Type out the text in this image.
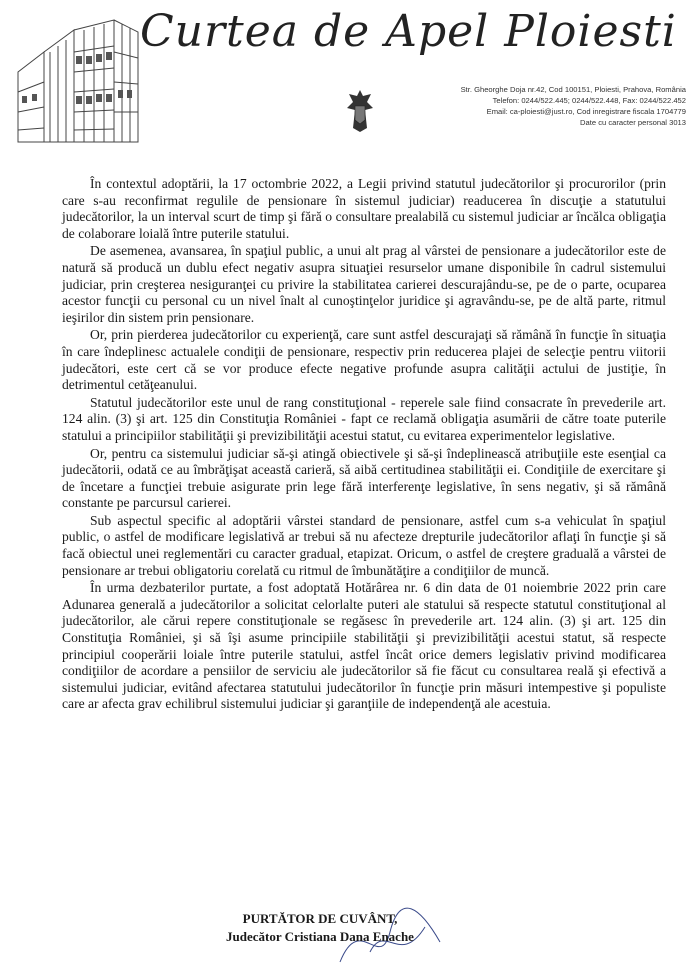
Curtea de Apel Ploiesti
Str. Gheorghe Doja nr.42, Cod 100151, Ploiesti, Prahova, România
Telefon: 0244/522.445; 0244/522.448, Fax: 0244/522.452
Email: ca-ploiesti@just.ro, Cod inregistrare fiscala 1704779
Date cu caracter personal 3013

În contextul adoptării, la 17 octombrie 2022, a Legii privind statutul judecătorilor şi procurorilor (prin care s-au reconfirmat regulile de pensionare în sistemul judiciar) readucerea în discuţie a statutului judecătorilor, la un interval scurt de timp şi fără o consultare prealabilă cu sistemul judiciar ar încălca obligaţia de colaborare loială între puterile statului.

De asemenea, avansarea, în spaţiul public, a unui alt prag al vârstei de pensionare a judecătorilor este de natură să producă un dublu efect negativ asupra situaţiei resurselor umane disponibile în cadrul sistemului judiciar, prin creşterea nesiguranţei cu privire la stabilitatea carierei descurajându-se, pe de o parte, ocuparea acestor funcţii cu personal cu un nivel înalt al cunoştinţelor juridice şi agravându-se, pe de altă parte, ritmul ieşirilor din sistem prin pensionare.

Or, prin pierderea judecătorilor cu experienţă, care sunt astfel descurajaţi să rămână în funcţie în situaţia în care îndeplinesc actualele condiţii de pensionare, respectiv prin reducerea plajei de selecţie pentru viitorii judecători, este cert că se vor produce efecte negative profunde asupra calităţii actului de justiţie, în detrimentul cetăţeanului.

Statutul judecătorilor este unul de rang constituţional - reperele sale fiind consacrate în prevederile art. 124 alin. (3) şi art. 125 din Constituţia României - fapt ce reclamă obligaţia asumării de către toate puterile statului a principiilor stabilităţii şi previzibilităţii acestui statut, cu evitarea experimentelor legislative.

Or, pentru ca sistemului judiciar să-şi atingă obiectivele şi să-şi îndeplinească atribuţiile este esenţial ca judecătorii, odată ce au îmbrăţişat această carieră, să aibă certitudinea stabilităţii ei. Condiţiile de exercitare şi de încetare a funcţiei trebuie asigurate prin lege fără interferenţe legislative, în sens negativ, şi să rămână constante pe parcursul carierei.

Sub aspectul specific al adoptării vârstei standard de pensionare, astfel cum s-a vehiculat în spaţiul public, o astfel de modificare legislativă ar trebui să nu afecteze drepturile judecătorilor aflaţi în funcţie şi să facă obiectul unei reglementări cu caracter gradual, etapizat. Oricum, o astfel de creştere graduală a vârstei de pensionare ar trebui obligatoriu corelată cu ritmul de îmbunătăţire a condiţiilor de muncă.

În urma dezbaterilor purtate, a fost adoptată Hotărârea nr. 6 din data de 01 noiembrie 2022 prin care Adunarea generală a judecătorilor a solicitat celorlalte puteri ale statului să respecte statutul constituţional al judecătorilor, ale cărui repere constituţionale se regăsesc în prevederile art. 124 alin. (3) şi art. 125 din Constituţia României, şi să îşi asume principiile stabilităţii şi previzibilităţii acestui statut, să respecte principiul cooperării loiale între puterile statului, astfel încât orice demers legislativ privind modificarea condiţiilor de acordare a pensiilor de serviciu ale judecătorilor să fie făcut cu consultarea reală şi efectivă a sistemului judiciar, evitând afectarea statutului judecătorilor în funcţie prin măsuri intempestive şi populiste care ar afecta grav echilibrul sistemului judiciar şi garanţiile de independenţă ale acestuia.

PURTĂTOR DE CUVÂNT,
Judecător Cristiana Dana Enache
